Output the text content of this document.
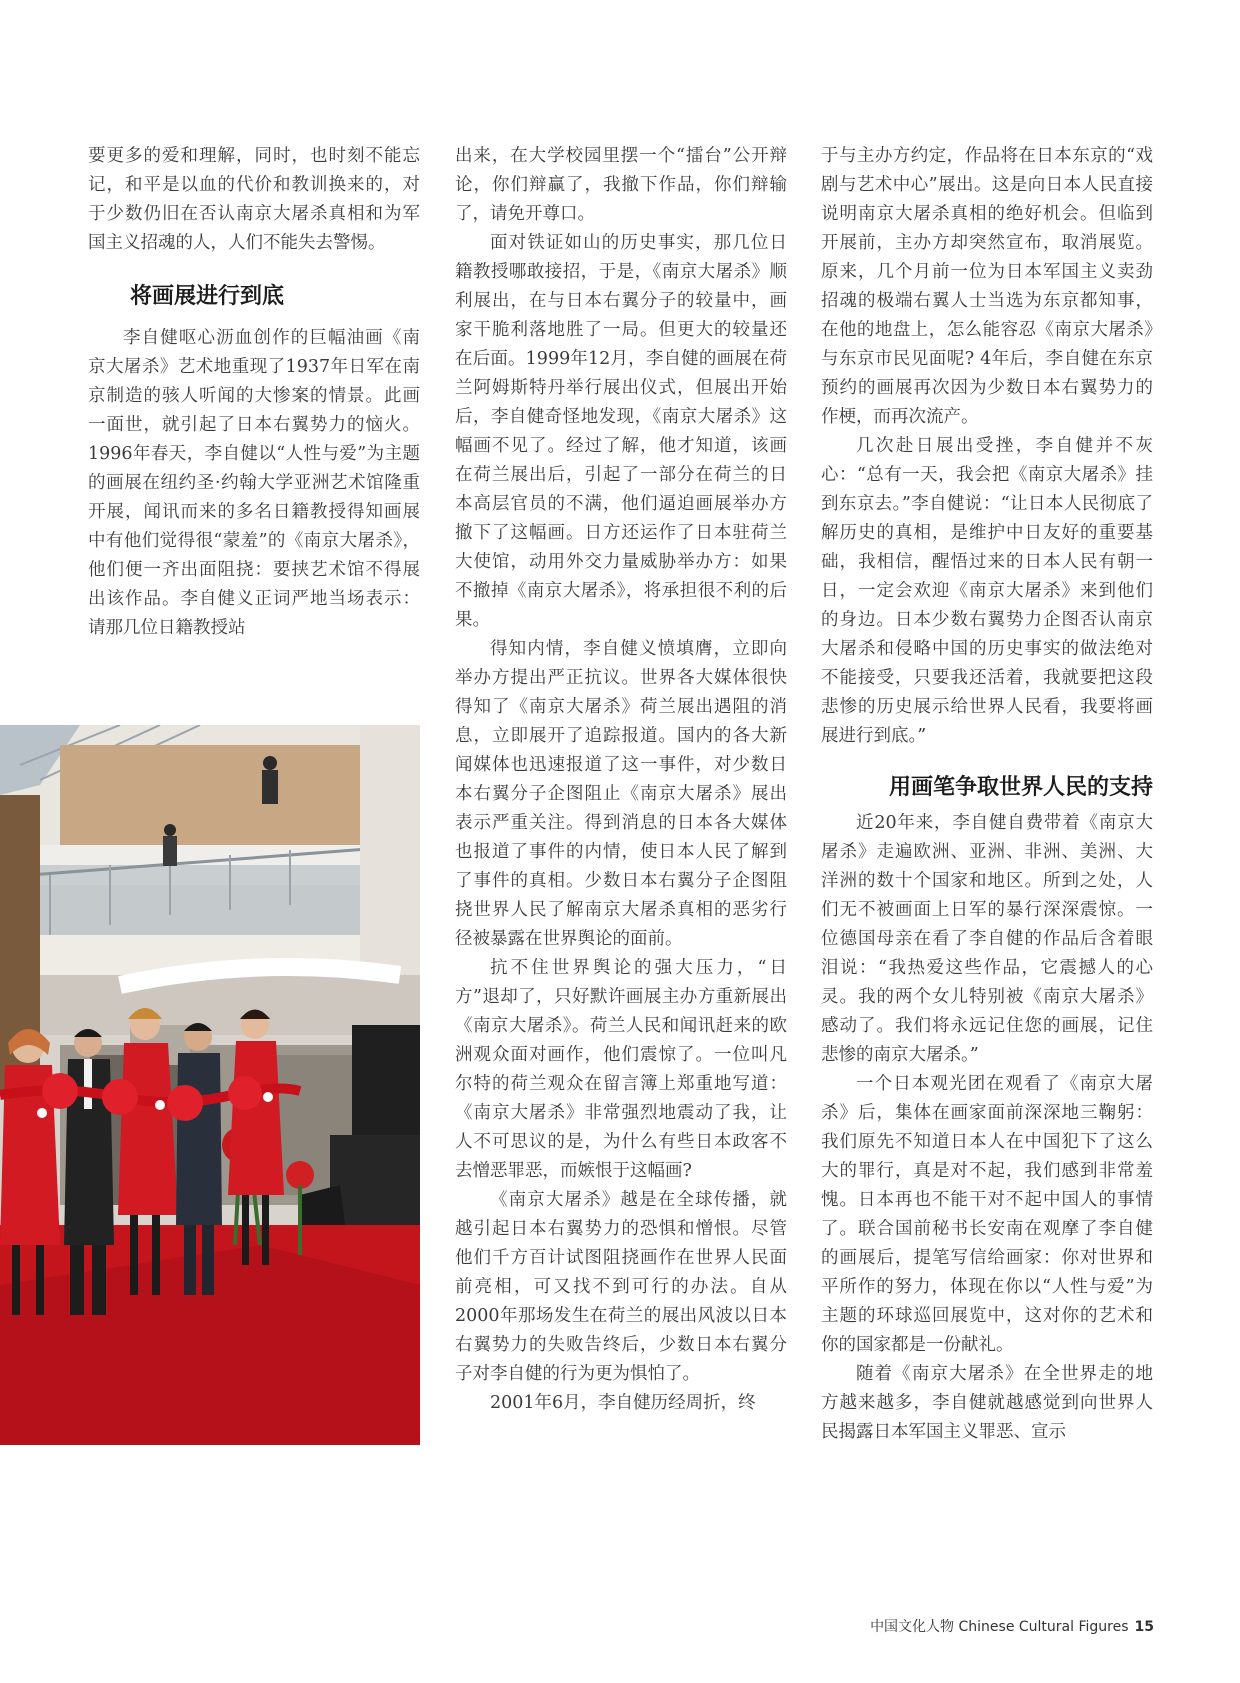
要更多的爱和理解，同时，也时刻不能忘记，和平是以血的代价和教训换来的，对于少数仍旧在否认南京大屠杀真相和为军国主义招魂的人，人们不能失去警惕。

将画展进行到底

李自健呕心沥血创作的巨幅油画《南京大屠杀》艺术地重现了1937年日军在南京制造的骇人听闻的大惨案的情景。此画一面世，就引起了日本右翼势力的恼火。1996年春天，李自健以“人性与爱”为主题的画展在纽约圣·约翰大学亚洲艺术馆隆重开展，闻讯而来的多名日籍教授得知画展中有他们觉得很“蒙羞”的《南京大屠杀》，他们便一齐出面阻挠：要挟艺术馆不得展出该作品。李自健义正词严地当场表示：请那几位日籍教授站

出来，在大学校园里摆一个“擂台”公开辩论，你们辩赢了，我撤下作品，你们辩输了，请免开尊口。

面对铁证如山的历史事实，那几位日籍教授哪敢接招，于是，《南京大屠杀》顺利展出，在与日本右翼分子的较量中，画家干脆利落地胜了一局。但更大的较量还在后面。1999年12月，李自健的画展在荷兰阿姆斯特丹举行展出仪式，但展出开始后，李自健奇怪地发现，《南京大屠杀》这幅画不见了。经过了解，他才知道，该画在荷兰展出后，引起了一部分在荷兰的日本高层官员的不满，他们逼迫画展举办方撤下了这幅画。日方还运作了日本驻荷兰大使馆，动用外交力量威胁举办方：如果不撤掉《南京大屠杀》，将承担很不利的后果。

得知内情，李自健义愤填膺，立即向举办方提出严正抗议。世界各大媒体很快得知了《南京大屠杀》荷兰展出遇阻的消息，立即展开了追踪报道。国内的各大新闻媒体也迅速报道了这一事件，对少数日本右翼分子企图阻止《南京大屠杀》展出表示严重关注。得到消息的日本各大媒体也报道了事件的内情，使日本人民了解到了事件的真相。少数日本右翼分子企图阻挠世界人民了解南京大屠杀真相的恶劣行径被暴露在世界舆论的面前。

抗不住世界舆论的强大压力，“日方”退却了，只好默许画展主办方重新展出《南京大屠杀》。荷兰人民和闻讯赶来的欧洲观众面对画作，他们震惊了。一位叫凡尔特的荷兰观众在留言簿上郑重地写道：《南京大屠杀》非常强烈地震动了我，让人不可思议的是，为什么有些日本政客不去憎恶罪恶，而嫉恨于这幅画?

《南京大屠杀》越是在全球传播，就越引起日本右翼势力的恐惧和憎恨。尽管他们千方百计试图阻挠画作在世界人民面前亮相，可又找不到可行的办法。自从2000年那场发生在荷兰的展出风波以日本右翼势力的失败告终后，少数日本右翼分子对李自健的行为更为惧怕了。

2001年6月，李自健历经周折，终

于与主办方约定，作品将在日本东京的“戏剧与艺术中心”展出。这是向日本人民直接说明南京大屠杀真相的绝好机会。但临到开展前，主办方却突然宣布，取消展览。原来，几个月前一位为日本军国主义卖劲招魂的极端右翼人士当选为东京都知事，在他的地盘上，怎么能容忍《南京大屠杀》与东京市民见面呢? 4年后，李自健在东京预约的画展再次因为少数日本右翼势力的作梗，而再次流产。

几次赴日展出受挫，李自健并不灰心：“总有一天，我会把《南京大屠杀》挂到东京去。”李自健说：“让日本人民彻底了解历史的真相，是维护中日友好的重要基础，我相信，醒悟过来的日本人民有朝一日，一定会欢迎《南京大屠杀》来到他们的身边。日本少数右翼势力企图否认南京大屠杀和侵略中国的历史事实的做法绝对不能接受，只要我还活着，我就要把这段悲惨的历史展示给世界人民看，我要将画展进行到底。”

用画笔争取世界人民的支持

近20年来，李自健自费带着《南京大屠杀》走遍欧洲、亚洲、非洲、美洲、大洋洲的数十个国家和地区。所到之处，人们无不被画面上日军的暴行深深震惊。一位德国母亲在看了李自健的作品后含着眼泪说：“我热爱这些作品，它震撼人的心灵。我的两个女儿特别被《南京大屠杀》感动了。我们将永远记住您的画展，记住悲惨的南京大屠杀。”

一个日本观光团在观看了《南京大屠杀》后，集体在画家面前深深地三鞠躬：我们原先不知道日本人在中国犯下了这么大的罪行，真是对不起，我们感到非常羞愧。日本再也不能干对不起中国人的事情了。联合国前秘书长安南在观摩了李自健的画展后，提笔写信给画家：你对世界和平所作的努力，体现在你以“人性与爱”为主题的环球巡回展览中，这对你的艺术和你的国家都是一份献礼。

随着《南京大屠杀》在全世界走的地方越来越多，李自健就越感觉到向世界人民揭露日本军国主义罪恶、宣示

中国文化人物 Chinese Cultural Figures 15
